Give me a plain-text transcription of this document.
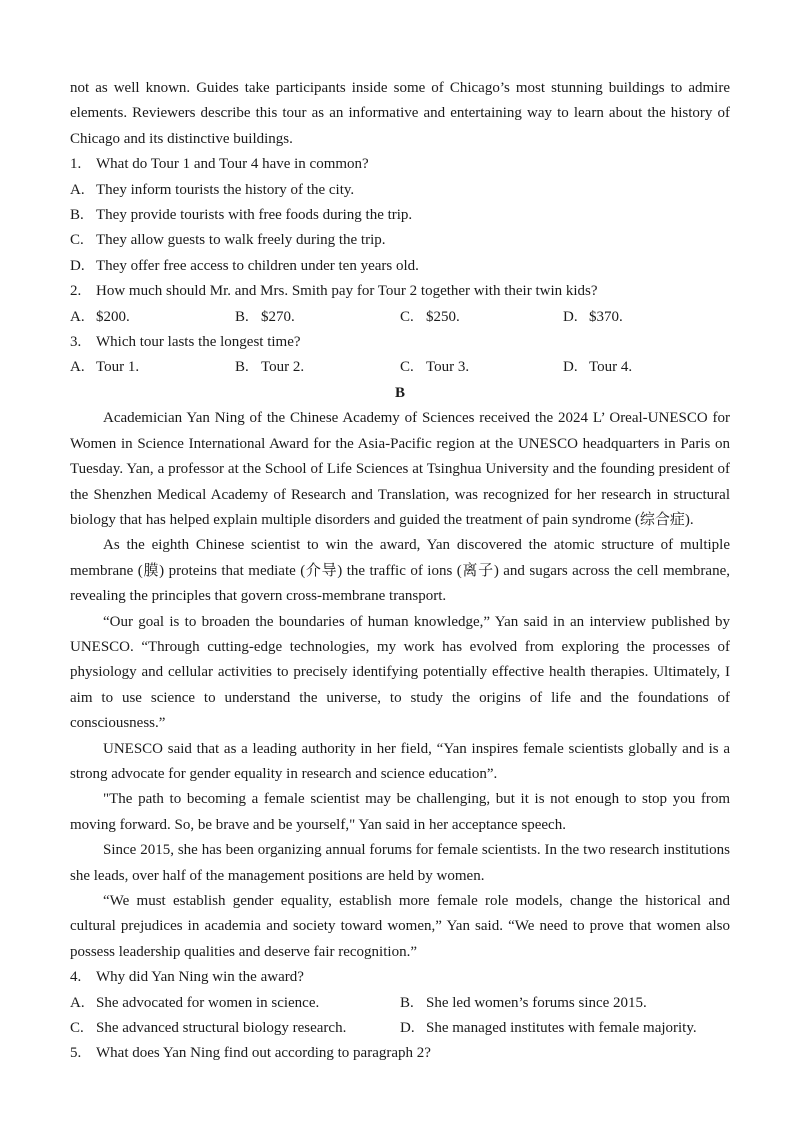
not as well known. Guides take participants inside some of Chicago’s most stunning buildings to admire elements. Reviewers describe this tour as an informative and entertaining way to learn about the history of Chicago and its distinctive buildings.

1. What do Tour 1 and Tour 4 have in common?
A. They inform tourists the history of the city.
B. They provide tourists with free foods during the trip.
C. They allow guests to walk freely during the trip.
D. They offer free access to children under ten years old.
2. How much should Mr. and Mrs. Smith pay for Tour 2 together with their twin kids?
A. $200.	B. $270.	C. $250.	D. $370.
3. Which tour lasts the longest time?
A. Tour 1.	B. Tour 2.	C. Tour 3.	D. Tour 4.
B

Academician Yan Ning of the Chinese Academy of Sciences received the 2024 L’ Oreal-UNESCO for Women in Science International Award for the Asia-Pacific region at the UNESCO headquarters in Paris on Tuesday. Yan, a professor at the School of Life Sciences at Tsinghua University and the founding president of the Shenzhen Medical Academy of Research and Translation, was recognized for her research in structural biology that has helped explain multiple disorders and guided the treatment of pain syndrome (综合症).

As the eighth Chinese scientist to win the award, Yan discovered the atomic structure of multiple membrane (膜) proteins that mediate (介导) the traffic of ions (离子) and sugars across the cell membrane, revealing the principles that govern cross-membrane transport.

“Our goal is to broaden the boundaries of human knowledge,” Yan said in an interview published by UNESCO. “Through cutting-edge technologies, my work has evolved from exploring the processes of physiology and cellular activities to precisely identifying potentially effective health therapies. Ultimately, I aim to use science to understand the universe, to study the origins of life and the foundations of consciousness.”

UNESCO said that as a leading authority in her field, “Yan inspires female scientists globally and is a strong advocate for gender equality in research and science education”.

"The path to becoming a female scientist may be challenging, but it is not enough to stop you from moving forward. So, be brave and be yourself," Yan said in her acceptance speech.

Since 2015, she has been organizing annual forums for female scientists. In the two research institutions she leads, over half of the management positions are held by women.

“We must establish gender equality, establish more female role models, change the historical and cultural prejudices in academia and society toward women,” Yan said. “We need to prove that women also possess leadership qualities and deserve fair recognition.”

4. Why did Yan Ning win the award?
A. She advocated for women in science.	B. She led women’s forums since 2015.
C. She advanced structural biology research.	D. She managed institutes with female majority.
5. What does Yan Ning find out according to paragraph 2?
